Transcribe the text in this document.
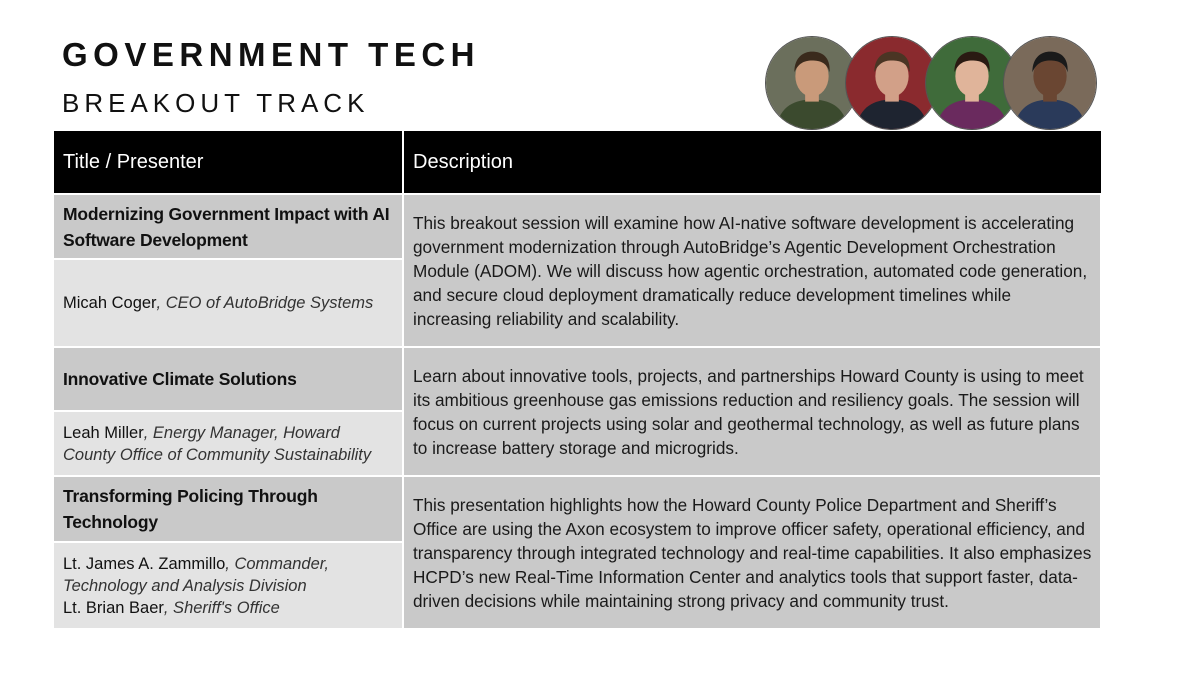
GOVERNMENT TECH
BREAKOUT TRACK
Title / Presenter	Description
Modernizing Government Impact with AI Software Development	This breakout session will examine how AI-native software development is accelerating government modernization through AutoBridge’s Agentic Development Orchestration Module (ADOM). We will discuss how agentic orchestration, automated code generation, and secure cloud deployment dramatically reduce development timelines while increasing reliability and scalability.
Micah Coger, CEO of AutoBridge Systems	
Innovative Climate Solutions	Learn about innovative tools, projects, and partnerships Howard County is using to meet its ambitious greenhouse gas emissions reduction and resiliency goals. The session will focus on current projects using solar and geothermal technology, as well as future plans to increase battery storage and microgrids.
Leah Miller, Energy Manager, Howard County Office of Community Sustainability	
Transforming Policing Through Technology	This presentation highlights how the Howard County Police Department and Sheriff’s Office are using the Axon ecosystem to improve officer safety, operational efficiency, and transparency through integrated technology and real-time capabilities. It also emphasizes HCPD’s new Real-Time Information Center and analytics tools that support faster, data-driven decisions while maintaining strong privacy and community trust.

Lt. James A. Zammillo, Commander, Technology and Analysis Division
Lt. Brian Baer, Sheriff's Office	
